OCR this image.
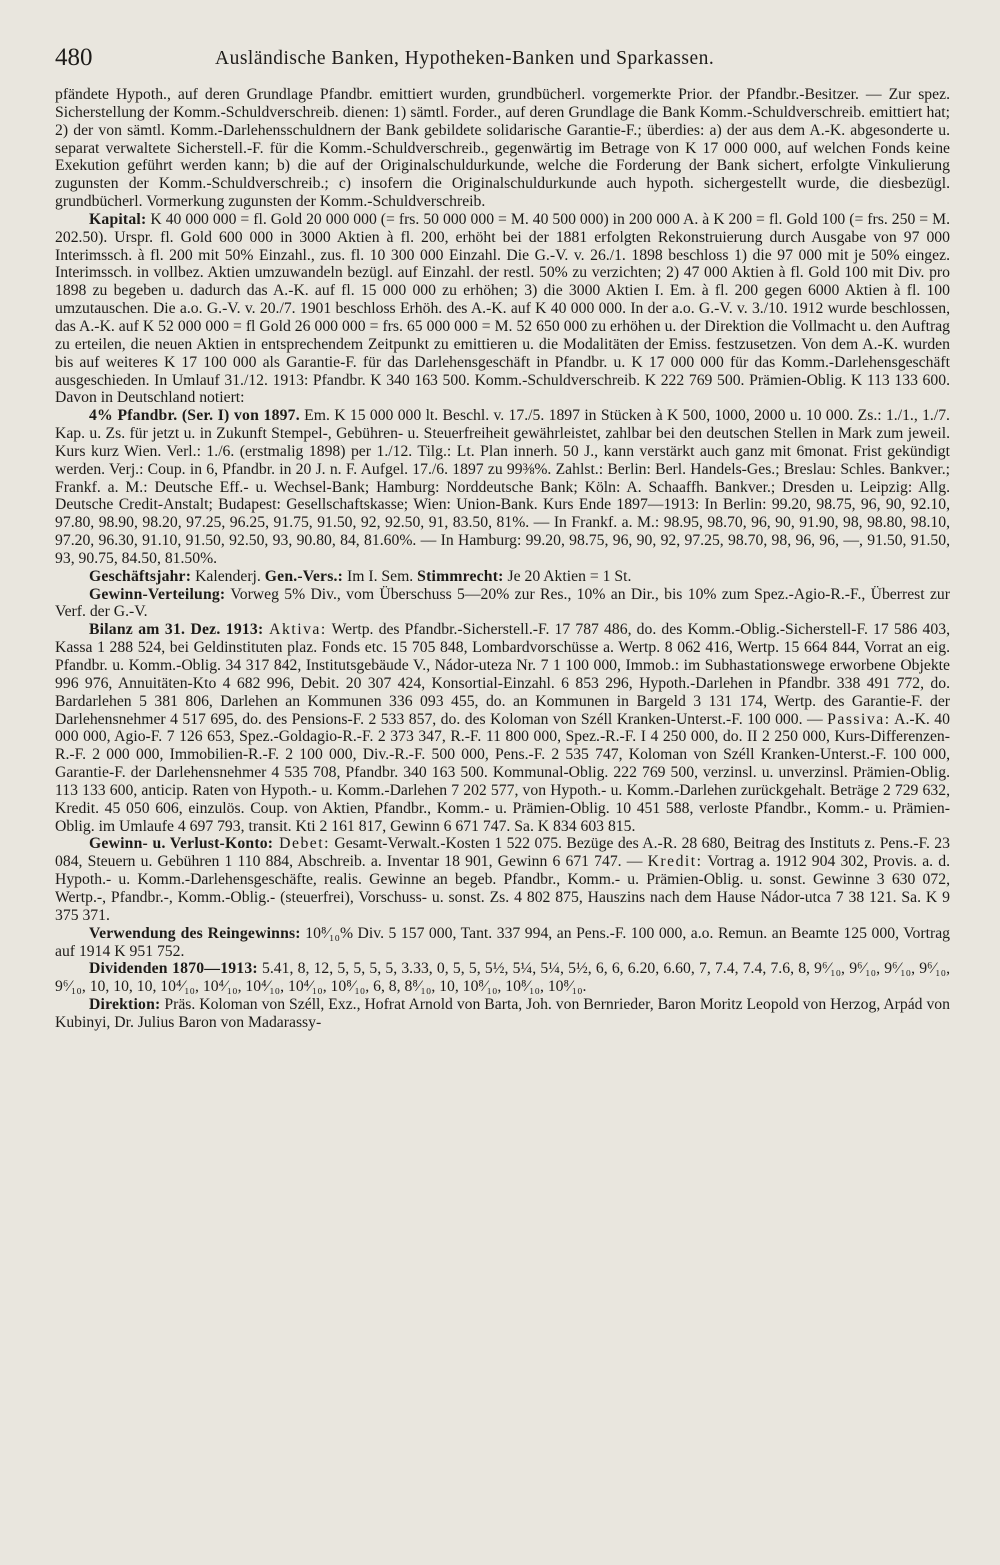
480	Ausländische Banken, Hypotheken-Banken und Sparkassen.

pfändete Hypoth., auf deren Grundlage Pfandbr. emittiert wurden, grundbücherl. vorgemerkte Prior. der Pfandbr.-Besitzer. — Zur spez. Sicherstellung der Komm.-Schuldverschreib. dienen: 1) sämtl. Forder., auf deren Grundlage die Bank Komm.-Schuldverschreib. emittiert hat; 2) der von sämtl. Komm.-Darlehensschuldnern der Bank gebildete solidarische Garantie-F.; überdies: a) der aus dem A.-K. abgesonderte u. separat verwaltete Sicherstell.-F. für die Komm.-Schuldverschreib., gegenwärtig im Betrage von K 17 000 000, auf welchen Fonds keine Exekution geführt werden kann; b) die auf der Originalschuldurkunde, welche die Forderung der Bank sichert, erfolgte Vinkulierung zugunsten der Komm.-Schuldverschreib.; c) insofern die Originalschuldurkunde auch hypoth. sichergestellt wurde, die diesbezügl. grundbücherl. Vormerkung zugunsten der Komm.-Schuldverschreib.

Kapital: K 40 000 000 = fl. Gold 20 000 000 (= frs. 50 000 000 = M. 40 500 000) in 200 000 A. à K 200 = fl. Gold 100 (= frs. 250 = M. 202.50). Urspr. fl. Gold 600 000 in 3000 Aktien à fl. 200, erhöht bei der 1881 erfolgten Rekonstruierung durch Ausgabe von 97 000 Interimssch. à fl. 200 mit 50% Einzahl., zus. fl. 10 300 000 Einzahl. Die G.-V. v. 26./1. 1898 beschloss 1) die 97 000 mit je 50% eingez. Interimssch. in vollbez. Aktien umzuwandeln bezügl. auf Einzahl. der restl. 50% zu verzichten; 2) 47 000 Aktien à fl. Gold 100 mit Div. pro 1898 zu begeben u. dadurch das A.-K. auf fl. 15 000 000 zu erhöhen; 3) die 3000 Aktien I. Em. à fl. 200 gegen 6000 Aktien à fl. 100 umzutauschen. Die a.o. G.-V. v. 20./7. 1901 beschloss Erhöh. des A.-K. auf K 40 000 000. In der a.o. G.-V. v. 3./10. 1912 wurde beschlossen, das A.-K. auf K 52 000 000 = fl Gold 26 000 000 = frs. 65 000 000 = M. 52 650 000 zu erhöhen u. der Direktion die Vollmacht u. den Auftrag zu erteilen, die neuen Aktien in entsprechendem Zeitpunkt zu emittieren u. die Modalitäten der Emiss. festzusetzen. Von dem A.-K. wurden bis auf weiteres K 17 100 000 als Garantie-F. für das Darlehensgeschäft in Pfandbr. u. K 17 000 000 für das Komm.-Darlehensgeschäft ausgeschieden. In Umlauf 31./12. 1913: Pfandbr. K 340 163 500. Komm.-Schuldverschreib. K 222 769 500. Prämien-Oblig. K 113 133 600. Davon in Deutschland notiert:

4% Pfandbr. (Ser. I) von 1897. Em. K 15 000 000 lt. Beschl. v. 17./5. 1897 in Stücken à K 500, 1000, 2000 u. 10 000. Zs.: 1./1., 1./7. Kap. u. Zs. für jetzt u. in Zukunft Stempel-, Gebühren- u. Steuerfreiheit gewährleistet, zahlbar bei den deutschen Stellen in Mark zum jeweil. Kurs kurz Wien. Verl.: 1./6. (erstmalig 1898) per 1./12. Tilg.: Lt. Plan innerh. 50 J., kann verstärkt auch ganz mit 6monat. Frist gekündigt werden. Verj.: Coup. in 6, Pfandbr. in 20 J. n. F. Aufgel. 17./6. 1897 zu 99⅜%. Zahlst.: Berlin: Berl. Handels-Ges.; Breslau: Schles. Bankver.; Frankf. a. M.: Deutsche Eff.- u. Wechsel-Bank; Hamburg: Norddeutsche Bank; Köln: A. Schaaffh. Bankver.; Dresden u. Leipzig: Allg. Deutsche Credit-Anstalt; Budapest: Gesellschaftskasse; Wien: Union-Bank. Kurs Ende 1897—1913: In Berlin: 99.20, 98.75, 96, 90, 92.10, 97.80, 98.90, 98.20, 97.25, 96.25, 91.75, 91.50, 92, 92.50, 91, 83.50, 81%. — In Frankf. a. M.: 98.95, 98.70, 96, 90, 91.90, 98, 98.80, 98.10, 97.20, 96.30, 91.10, 91.50, 92.50, 93, 90.80, 84, 81.60%. — In Hamburg: 99.20, 98.75, 96, 90, 92, 97.25, 98.70, 98, 96, 96, —, 91.50, 91.50, 93, 90.75, 84.50, 81.50%.

Geschäftsjahr: Kalenderj. Gen.-Vers.: Im I. Sem. Stimmrecht: Je 20 Aktien = 1 St.

Gewinn-Verteilung: Vorweg 5% Div., vom Überschuss 5—20% zur Res., 10% an Dir., bis 10% zum Spez.-Agio-R.-F., Überrest zur Verf. der G.-V.

Bilanz am 31. Dez. 1913: Aktiva: Wertp. des Pfandbr.-Sicherstell.-F. 17 787 486, do. des Komm.-Oblig.-Sicherstell-F. 17 586 403, Kassa 1 288 524, bei Geldinstituten plaz. Fonds etc. 15 705 848, Lombardvorschüsse a. Wertp. 8 062 416, Wertp. 15 664 844, Vorrat an eig. Pfandbr. u. Komm.-Oblig. 34 317 842, Institutsgebäude V., Nádor-uteza Nr. 7 1 100 000, Immob.: im Subhastationswege erworbene Objekte 996 976, Annuitäten-Kto 4 682 996, Debit. 20 307 424, Konsortial-Einzahl. 6 853 296, Hypoth.-Darlehen in Pfandbr. 338 491 772, do. Bardarlehen 5 381 806, Darlehen an Kommunen 336 093 455, do. an Kommunen in Bargeld 3 131 174, Wertp. des Garantie-F. der Darlehensnehmer 4 517 695, do. des Pensions-F. 2 533 857, do. des Koloman von Széll Kranken-Unterst.-F. 100 000. — Passiva: A.-K. 40 000 000, Agio-F. 7 126 653, Spez.-Goldagio-R.-F. 2 373 347, R.-F. 11 800 000, Spez.-R.-F. I 4 250 000, do. II 2 250 000, Kurs-Differenzen-R.-F. 2 000 000, Immobilien-R.-F. 2 100 000, Div.-R.-F. 500 000, Pens.-F. 2 535 747, Koloman von Széll Kranken-Unterst.-F. 100 000, Garantie-F. der Darlehensnehmer 4 535 708, Pfandbr. 340 163 500. Kommunal-Oblig. 222 769 500, verzinsl. u. unverzinsl. Prämien-Oblig. 113 133 600, anticip. Raten von Hypoth.- u. Komm.-Darlehen 7 202 577, von Hypoth.- u. Komm.-Darlehen zurückgehalt. Beträge 2 729 632, Kredit. 45 050 606, einzulös. Coup. von Aktien, Pfandbr., Komm.- u. Prämien-Oblig. 10 451 588, verloste Pfandbr., Komm.- u. Prämien-Oblig. im Umlaufe 4 697 793, transit. Kti 2 161 817, Gewinn 6 671 747. Sa. K 834 603 815.

Gewinn- u. Verlust-Konto: Debet: Gesamt-Verwalt.-Kosten 1 522 075. Bezüge des A.-R. 28 680, Beitrag des Instituts z. Pens.-F. 23 084, Steuern u. Gebühren 1 110 884, Abschreib. a. Inventar 18 901, Gewinn 6 671 747. — Kredit: Vortrag a. 1912 904 302, Provis. a. d. Hypoth.- u. Komm.-Darlehensgeschäfte, realis. Gewinne an begeb. Pfandbr., Komm.- u. Prämien-Oblig. u. sonst. Gewinne 3 630 072, Wertp.-, Pfandbr.-, Komm.-Oblig.- (steuerfrei), Vorschuss- u. sonst. Zs. 4 802 875, Hauszins nach dem Hause Nádor-utca 7 38 121. Sa. K 9 375 371.

Verwendung des Reingewinns: 10⁸⁄₁₀% Div. 5 157 000, Tant. 337 994, an Pens.-F. 100 000, a.o. Remun. an Beamte 125 000, Vortrag auf 1914 K 951 752.

Dividenden 1870—1913: 5.41, 8, 12, 5, 5, 5, 5, 3.33, 0, 5, 5, 5½, 5¼, 5¼, 5½, 6, 6, 6.20, 6.60, 7, 7.4, 7.4, 7.6, 8, 9⁶⁄₁₀, 9⁶⁄₁₀, 9⁶⁄₁₀, 9⁶⁄₁₀, 9⁶⁄₁₀, 10, 10, 10, 10⁴⁄₁₀, 10⁴⁄₁₀, 10⁴⁄₁₀, 10⁴⁄₁₀, 10⁸⁄₁₀, 6, 8, 8⁸⁄₁₀, 10, 10⁸⁄₁₀, 10⁸⁄₁₀, 10⁸⁄₁₀.

Direktion: Präs. Koloman von Széll, Exz., Hofrat Arnold von Barta, Joh. von Bernrieder, Baron Moritz Leopold von Herzog, Arpád von Kubinyi, Dr. Julius Baron von Madarassy-
